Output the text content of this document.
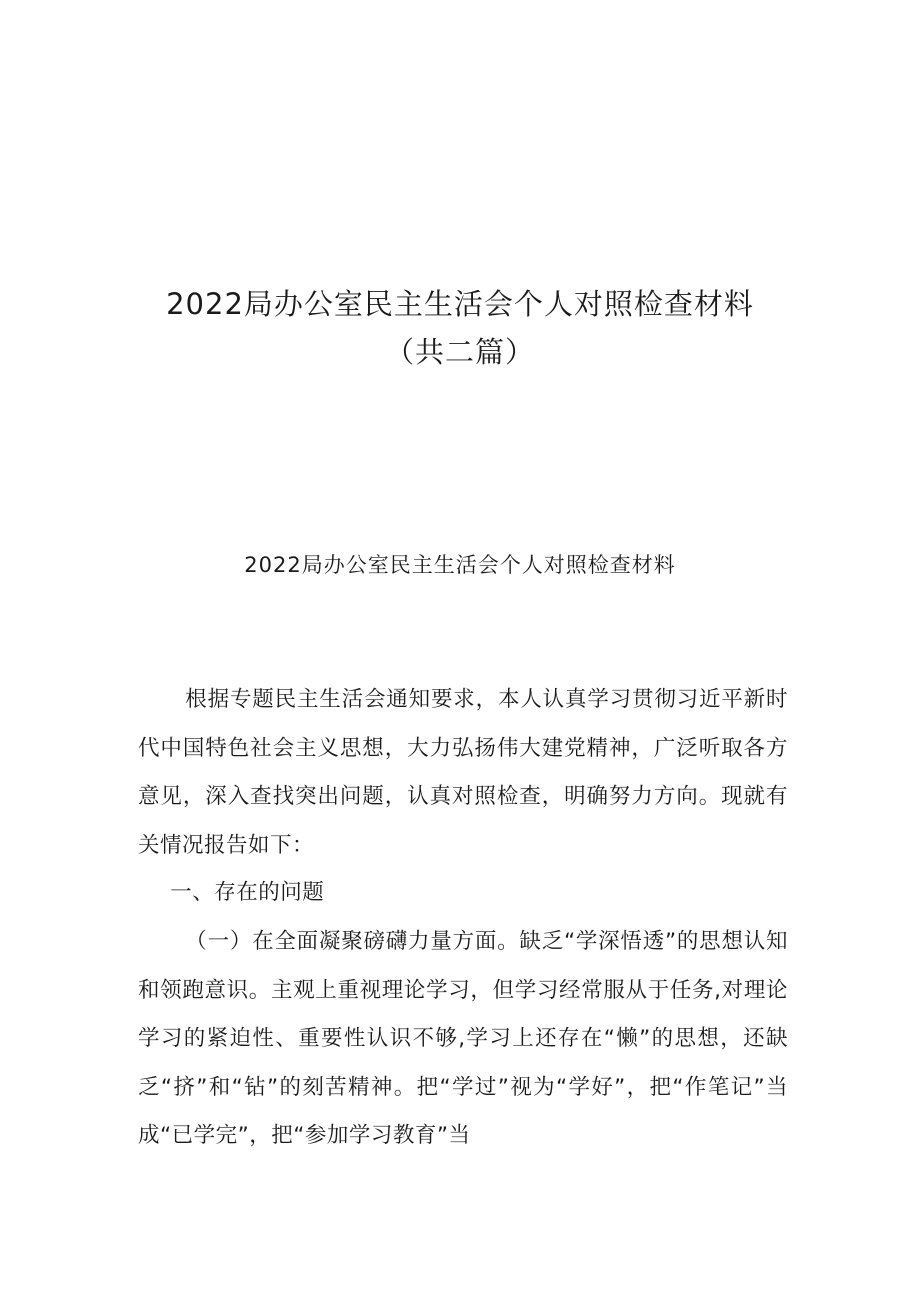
2022局办公室民主生活会个人对照检查材料
（共二篇）
2022局办公室民主生活会个人对照检查材料

根据专题民主生活会通知要求，本人认真学习贯彻习近平新时代中国特色社会主义思想，大力弘扬伟大建党精神，广泛听取各方意见，深入查找突出问题，认真对照检查，明确努力方向。现就有关情况报告如下：

一、存在的问题

（一）在全面凝聚磅礴力量方面。缺乏“学深悟透”的思想认知和领跑意识。主观上重视理论学习，但学习经常服从于任务,对理论学习的紧迫性、重要性认识不够,学习上还存在“懒”的思想，还缺乏“挤”和“钻”的刻苦精神。把“学过”视为“学好”，把“作笔记”当成“已学完”，把“参加学习教育”当
